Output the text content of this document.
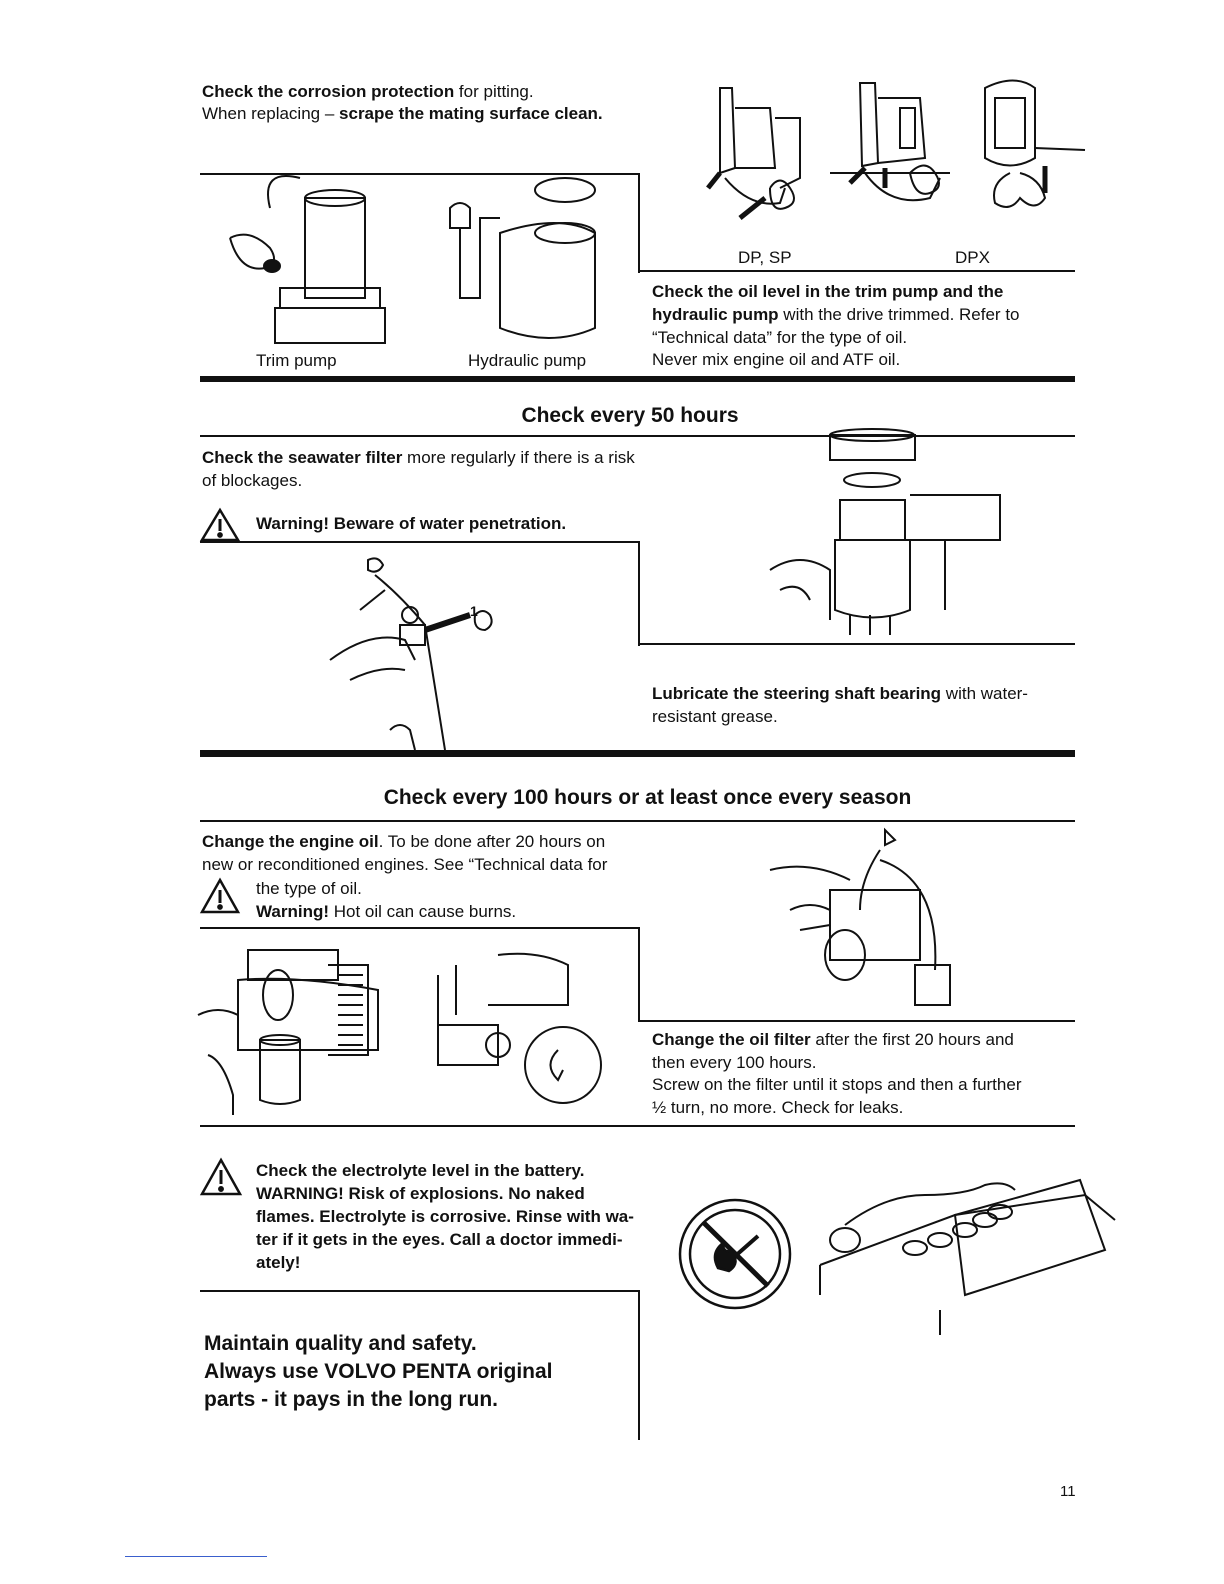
Check the corrosion protection for pitting.
When replacing – scrape the mating surface clean.
DP, SP	DPX
Trim pump	Hydraulic pump
Check the oil level in the trim pump and the
hydraulic pump with the drive trimmed. Refer to
“Technical data” for the type of oil.
Never mix engine oil and ATF oil.
Check every 50 hours
Check the seawater filter more regularly if there is a risk
of blockages.
Warning! Beware of water penetration.
1
Lubricate the steering shaft bearing with water-
resistant grease.
Check every 100 hours or at least once every season
Change the engine oil. To be done after 20 hours on
new or reconditioned engines. See “Technical data for
the type of oil.
Warning! Hot oil can cause burns.
Change the oil filter after the first 20 hours and
then every 100 hours.
Screw on the filter until it stops and then a further
½ turn, no more. Check for leaks.
Check the electrolyte level in the battery.
WARNING! Risk of explosions. No naked
flames. Electrolyte is corrosive. Rinse with wa-
ter if it gets in the eyes. Call a doctor immedi-
ately!
Maintain quality and safety.
Always use VOLVO PENTA original
parts - it pays in the long run.
11
